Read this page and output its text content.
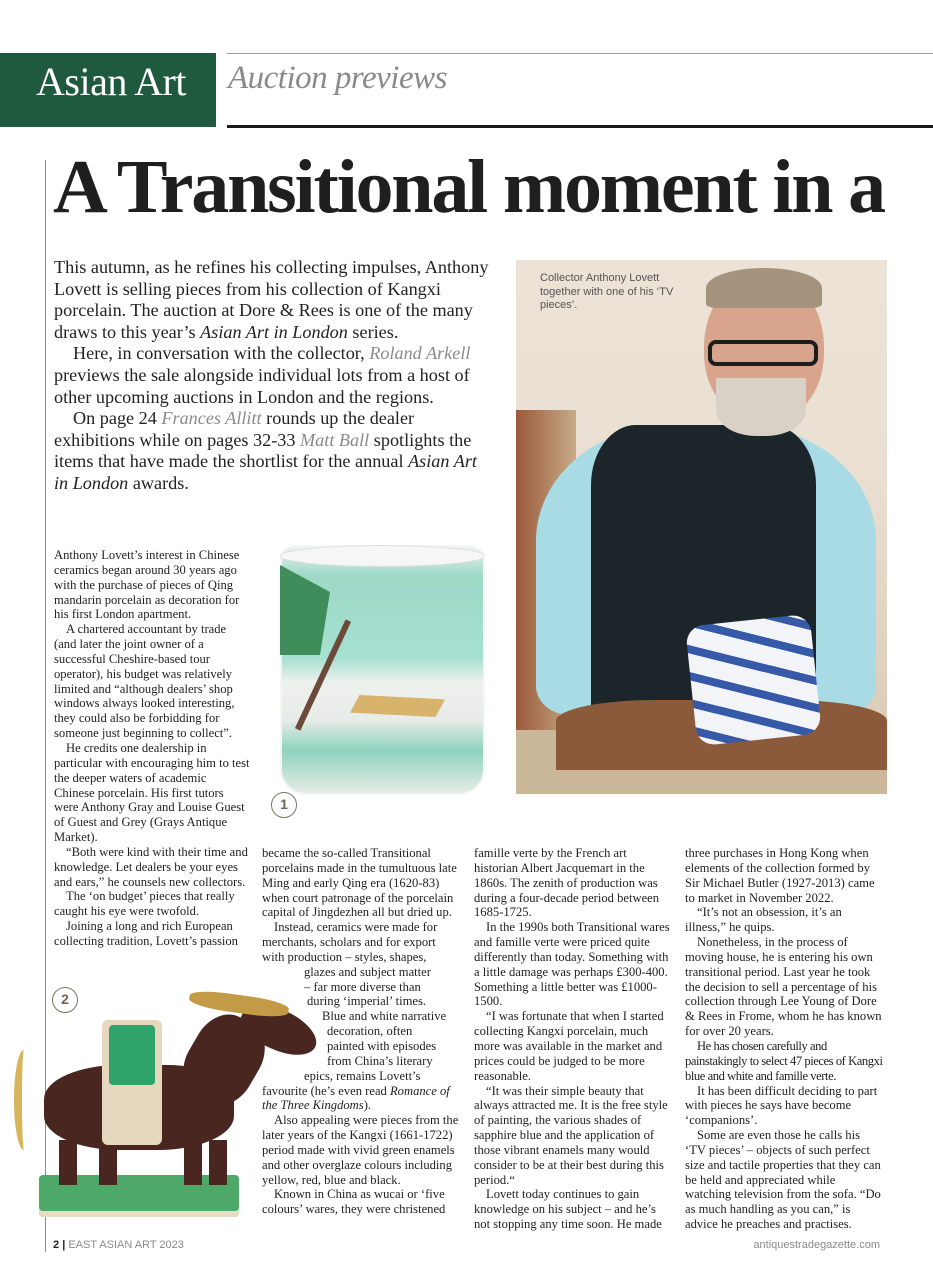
Asian Art Auction previews
A Transitional moment in a

This autumn, as he refines his collecting impulses, Anthony Lovett is selling pieces from his collection of Kangxi porcelain. The auction at Dore & Rees is one of the many draws to this year’s Asian Art in London series.

Here, in conversation with the collector, Roland Arkell previews the sale alongside individual lots from a host of other upcoming auctions in London and the regions.

On page 24 Frances Allitt rounds up the dealer exhibitions while on pages 32-33 Matt Ball spotlights the items that have made the shortlist for the annual Asian Art in London awards.

Collector Anthony Lovett together with one of his ‘TV pieces’.
1
2

Anthony Lovett’s interest in Chinese ceramics began around 30 years ago with the purchase of pieces of Qing mandarin porcelain as decoration for his first London apartment.

A chartered accountant by trade (and later the joint owner of a successful Cheshire-based tour operator), his budget was relatively limited and “although dealers’ shop windows always looked interesting, they could also be forbidding for someone just beginning to collect”.

He credits one dealership in particular with encouraging him to test the deeper waters of academic Chinese porcelain. His first tutors were Anthony Gray and Louise Guest of Guest and Grey (Grays Antique Market).

“Both were kind with their time and knowledge. Let dealers be your eyes and ears,” he counsels new collectors.

The ‘on budget’ pieces that really caught his eye were twofold.

Joining a long and rich European collecting tradition, Lovett’s passion

became the so-called Transitional porcelains made in the tumultuous late Ming and early Qing era (1620-83) when court patronage of the porcelain capital of Jingdezhen all but dried up.

Instead, ceramics were made for
merchants, scholars and for export
with production – styles, shapes,
glazes and subject matter
– far more diverse than
during ‘imperial’ times.
Blue and white narrative
decoration, often
painted with episodes
from China’s literary
epics, remains Lovett’s
favourite (he’s even read Romance of the Three Kingdoms).

Also appealing were pieces from the later years of the Kangxi (1661-1722) period made with vivid green enamels and other overglaze colours including yellow, red, blue and black.

Known in China as wucai or ‘five colours’ wares, they were christened

famille verte by the French art historian Albert Jacquemart in the 1860s. The zenith of production was during a four-decade period between 1685-1725.

In the 1990s both Transitional wares and famille verte were priced quite differently than today. Something with a little damage was perhaps £300-400. Something a little better was £1000-1500.

“I was fortunate that when I started collecting Kangxi porcelain, much more was available in the market and prices could be judged to be more reasonable.

“It was their simple beauty that always attracted me. It is the free style of painting, the various shades of sapphire blue and the application of those vibrant enamels many would consider to be at their best during this period.“

Lovett today continues to gain knowledge on his subject – and he’s not stopping any time soon. He made

three purchases in Hong Kong when elements of the collection formed by Sir Michael Butler (1927-2013) came to market in November 2022.

“It’s not an obsession, it’s an illness,” he quips.

Nonetheless, in the process of moving house, he is entering his own transitional period. Last year he took the decision to sell a percentage of his collection through Lee Young of Dore & Rees in Frome, whom he has known for over 20 years.

He has chosen carefully and painstakingly to select 47 pieces of Kangxi blue and white and famille verte.

It has been difficult deciding to part with pieces he says have become ‘companions’.

Some are even those he calls his ‘TV pieces’ – objects of such perfect size and tactile properties that they can be held and appreciated while watching television from the sofa. “Do as much handling as you can,” is advice he preaches and practises.

2 | EAST ASIAN ART 2023	antiquestradegazette.com
